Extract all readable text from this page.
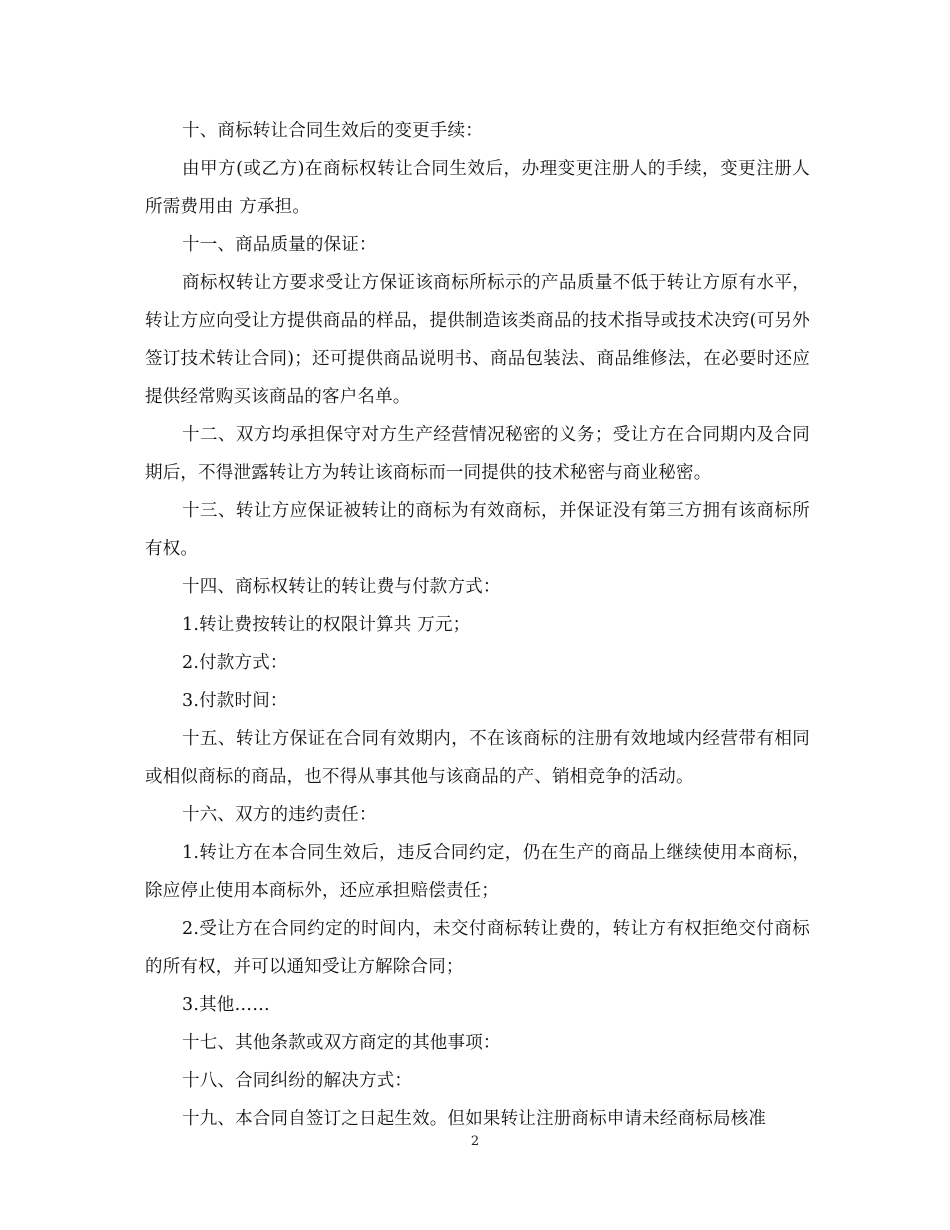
十、商标转让合同生效后的变更手续：

由甲方(或乙方)在商标权转让合同生效后，办理变更注册人的手续，变更注册人所需费用由 方承担。

十一、商品质量的保证：

商标权转让方要求受让方保证该商标所标示的产品质量不低于转让方原有水平，转让方应向受让方提供商品的样品，提供制造该类商品的技术指导或技术决窍(可另外签订技术转让合同)；还可提供商品说明书、商品包装法、商品维修法，在必要时还应提供经常购买该商品的客户名单。

十二、双方均承担保守对方生产经营情况秘密的义务；受让方在合同期内及合同期后，不得泄露转让方为转让该商标而一同提供的技术秘密与商业秘密。

十三、转让方应保证被转让的商标为有效商标，并保证没有第三方拥有该商标所有权。

十四、商标权转让的转让费与付款方式：

1.转让费按转让的权限计算共 万元；

2.付款方式：

3.付款时间：

十五、转让方保证在合同有效期内，不在该商标的注册有效地域内经营带有相同或相似商标的商品，也不得从事其他与该商品的产、销相竞争的活动。

十六、双方的违约责任：

1.转让方在本合同生效后，违反合同约定，仍在生产的商品上继续使用本商标，除应停止使用本商标外，还应承担赔偿责任；

2.受让方在合同约定的时间内，未交付商标转让费的，转让方有权拒绝交付商标的所有权，并可以通知受让方解除合同；

3.其他……

十七、其他条款或双方商定的其他事项：

十八、合同纠纷的解决方式：

十九、本合同自签订之日起生效。但如果转让注册商标申请未经商标局核准

2
